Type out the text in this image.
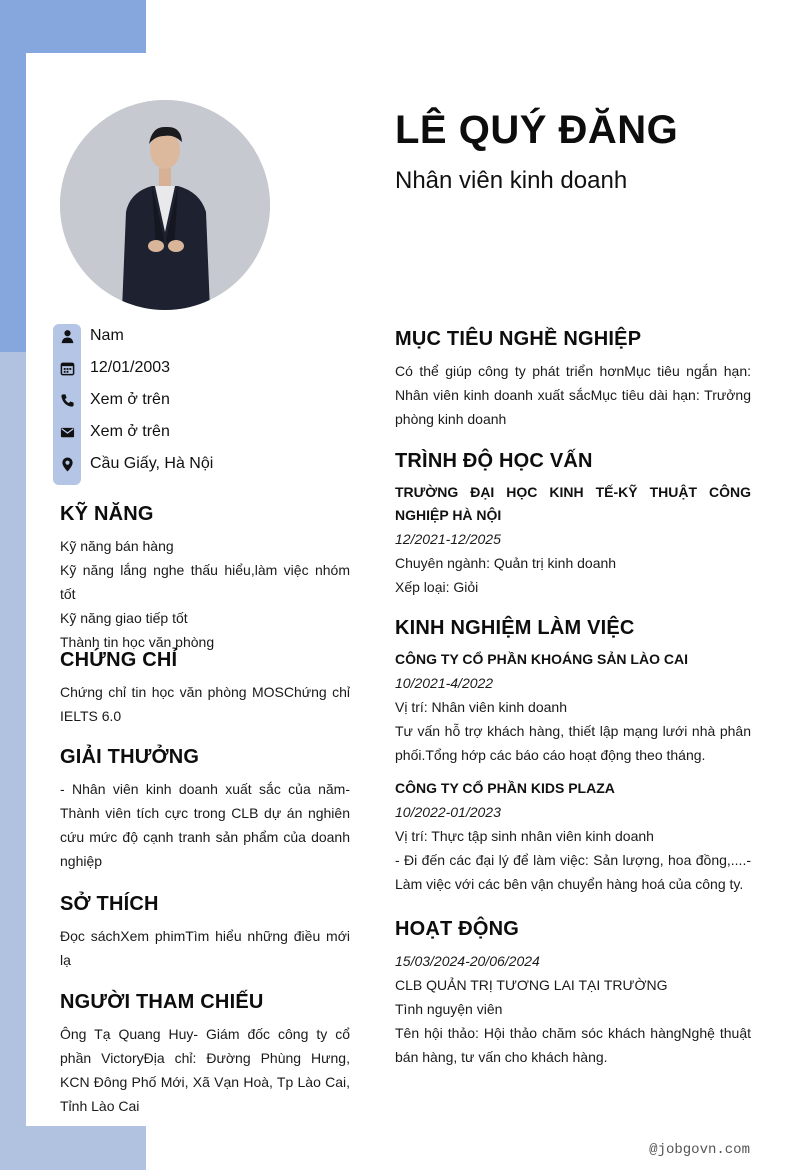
LÊ QUÝ ĐĂNG
Nhân viên kinh doanh
Nam
12/01/2003
Xem ở trên
Xem ở trên
Cầu Giấy, Hà Nội
KỸ NĂNG
Kỹ năng bán hàng
Kỹ năng lắng nghe thấu hiểu,làm việc nhóm tốt
Kỹ năng giao tiếp tốt
Thành tin học văn phòng
CHỨNG CHỈ
Chứng chỉ tin học văn phòng MOSChứng chỉ IELTS 6.0
GIẢI THƯỞNG
- Nhân viên kinh doanh xuất sắc của năm- Thành viên tích cực trong CLB dự án nghiên cứu mức độ cạnh tranh sản phẩm của doanh nghiệp
SỞ THÍCH
Đọc sáchXem phimTìm hiểu những điều mới lạ
NGƯỜI THAM CHIẾU
Ông Tạ Quang Huy- Giám đốc công ty cổ phần VictoryĐịa chỉ: Đường Phùng Hưng, KCN Đông Phố Mới, Xã Vạn Hoà, Tp Lào Cai, Tỉnh Lào Cai
MỤC TIÊU NGHỀ NGHIỆP
Có thể giúp công ty phát triển hơnMục tiêu ngắn hạn: Nhân viên kinh doanh xuất sắcMục tiêu dài hạn: Trưởng phòng kinh doanh
TRÌNH ĐỘ HỌC VẤN
TRƯỜNG ĐẠI HỌC KINH TẾ-KỸ THUẬT CÔNG NGHIỆP HÀ NỘI
12/2021-12/2025
Chuyên ngành: Quản trị kinh doanh
Xếp loại: Giỏi
KINH NGHIỆM LÀM VIỆC
CÔNG TY CỔ PHẦN KHOÁNG SẢN LÀO CAI
10/2021-4/2022
Vị trí: Nhân viên kinh doanh
Tư vấn hỗ trợ khách hàng, thiết lập mạng lưới nhà phân phối.Tổng hớp các báo cáo hoạt động theo tháng.
CÔNG TY CỔ PHẦN KIDS PLAZA
10/2022-01/2023
Vị trí: Thực tập sinh nhân viên kinh doanh
- Đi đến các đại lý để làm việc: Sản lượng, hoa đồng,....- Làm việc với các bên vận chuyển hàng hoá của công ty.
HOẠT ĐỘNG
15/03/2024-20/06/2024
CLB QUẢN TRỊ TƯƠNG LAI TẠI TRƯỜNG
Tình nguyện viên
Tên hội thảo: Hội thảo chăm sóc khách hàngNghệ thuật bán hàng, tư vấn cho khách hàng.
@jobgovn.com
